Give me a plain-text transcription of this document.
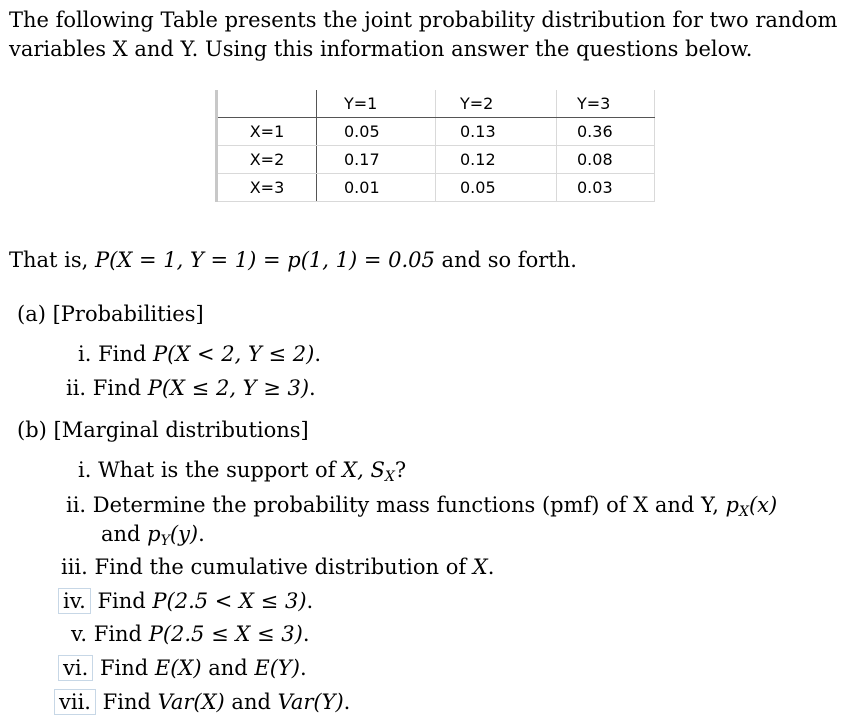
The following Table presents the joint probability distribution for two random variables X and Y. Using this information answer the questions below.
	Y=1	Y=2	Y=3
X=1	0.05	0.13	0.36
X=2	0.17	0.12	0.08
X=3	0.01	0.05	0.03
That is, P(X = 1, Y = 1) = p(1, 1) = 0.05 and so forth.
(a) [Probabilities]
i. Find P(X < 2, Y ≤ 2).
ii. Find P(X ≤ 2, Y ≥ 3).
(b) [Marginal distributions]
i. What is the support of X, SX?
ii. Determine the probability mass functions (pmf) of X and Y, pX(x)
and pY(y).
iii. Find the cumulative distribution of X.
iv. Find P(2.5 < X ≤ 3).
v. Find P(2.5 ≤ X ≤ 3).
vi. Find E(X) and E(Y).
vii. Find Var(X) and Var(Y).
